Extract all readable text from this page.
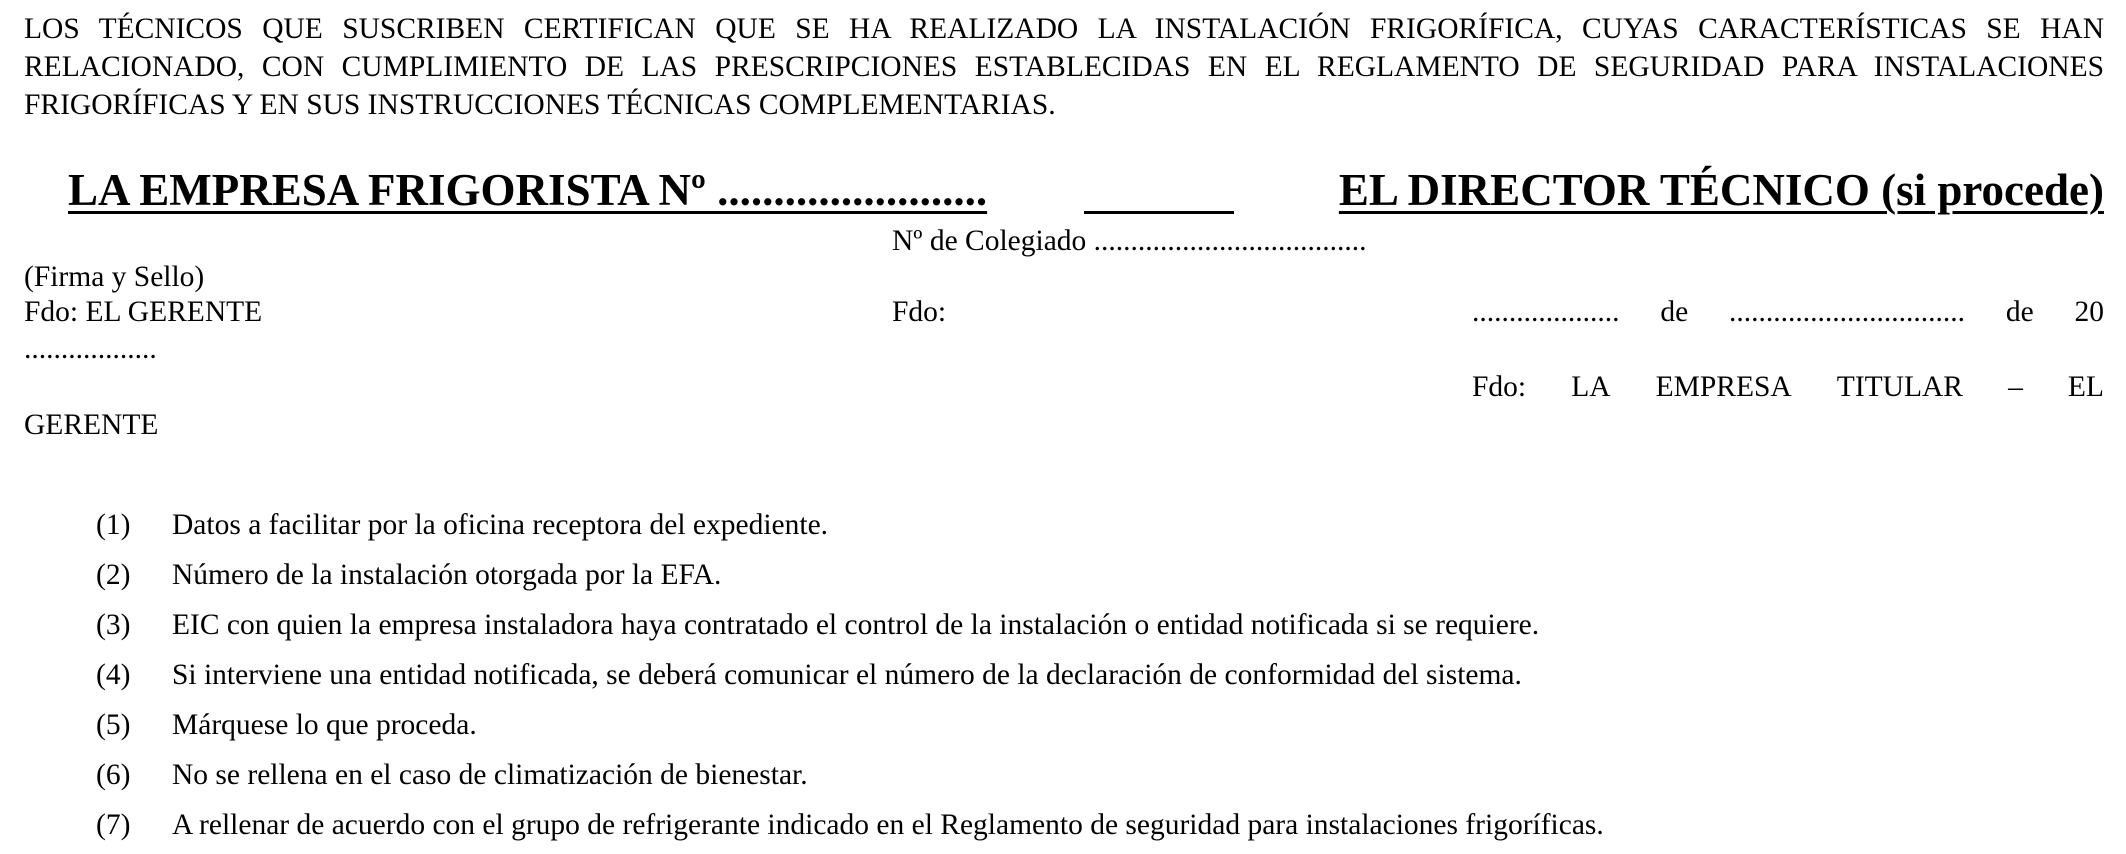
LOS TÉCNICOS QUE SUSCRIBEN CERTIFICAN QUE SE HA REALIZADO LA INSTALACIÓN FRIGORÍFICA, CUYAS CARACTERÍSTICAS SE HAN RELACIONADO, CON CUMPLIMIENTO DE LAS PRESCRIPCIONES ESTABLECIDAS EN EL REGLAMENTO DE SEGURIDAD PARA INSTALACIONES FRIGORÍFICAS Y EN SUS INSTRUCCIONES TÉCNICAS COMPLEMENTARIAS.

LA EMPRESA FRIGORISTA Nº ........................	EL DIRECTOR TÉCNICO (si procede)
Nº de Colegiado .....................................
(Firma y Sello)
Fdo: EL GERENTE	Fdo:	.................... de ................................ de 20
..................
Fdo: LA EMPRESA TITULAR – EL
GERENTE
(1)	Datos a facilitar por la oficina receptora del expediente.
(2)	Número de la instalación otorgada por la EFA.
(3)	EIC con quien la empresa instaladora haya contratado el control de la instalación o entidad notificada si se requiere.
(4)	Si interviene una entidad notificada, se deberá comunicar el número de la declaración de conformidad del sistema.
(5)	Márquese lo que proceda.
(6)	No se rellena en el caso de climatización de bienestar.
(7)	A rellenar de acuerdo con el grupo de refrigerante indicado en el Reglamento de seguridad para instalaciones frigoríficas.
